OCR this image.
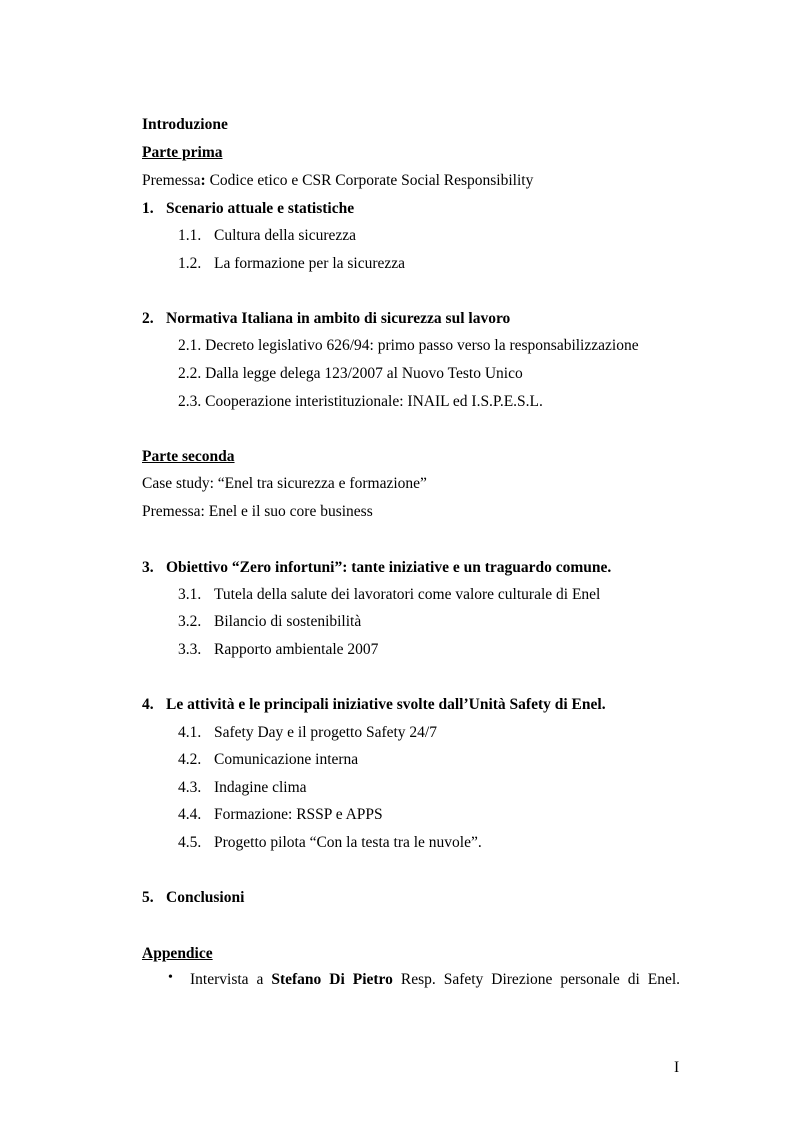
Introduzione
Parte prima
Premessa: Codice etico e CSR Corporate Social Responsibility
1. Scenario attuale e statistiche
1.1. Cultura della sicurezza
1.2. La formazione per la sicurezza
2. Normativa Italiana in ambito di sicurezza sul lavoro
2.1. Decreto legislativo 626/94: primo passo verso la responsabilizzazione
2.2. Dalla legge delega 123/2007 al Nuovo Testo Unico
2.3. Cooperazione interistituzionale: INAIL ed I.S.P.E.S.L.
Parte seconda
Case study: “Enel tra sicurezza e formazione”
Premessa: Enel e il suo core business
3. Obiettivo “Zero infortuni”: tante iniziative e un traguardo comune.
3.1. Tutela della salute dei lavoratori come valore culturale di Enel
3.2. Bilancio di sostenibilità
3.3. Rapporto ambientale 2007
4. Le attività e le principali iniziative svolte dall’Unità Safety di Enel.
4.1. Safety Day e il progetto Safety 24/7
4.2. Comunicazione interna
4.3. Indagine clima
4.4. Formazione: RSSP e APPS
4.5. Progetto pilota “Con la testa tra le nuvole”.
5. Conclusioni
Appendice
• Intervista a Stefano Di Pietro Resp. Safety Direzione personale di Enel.
I
